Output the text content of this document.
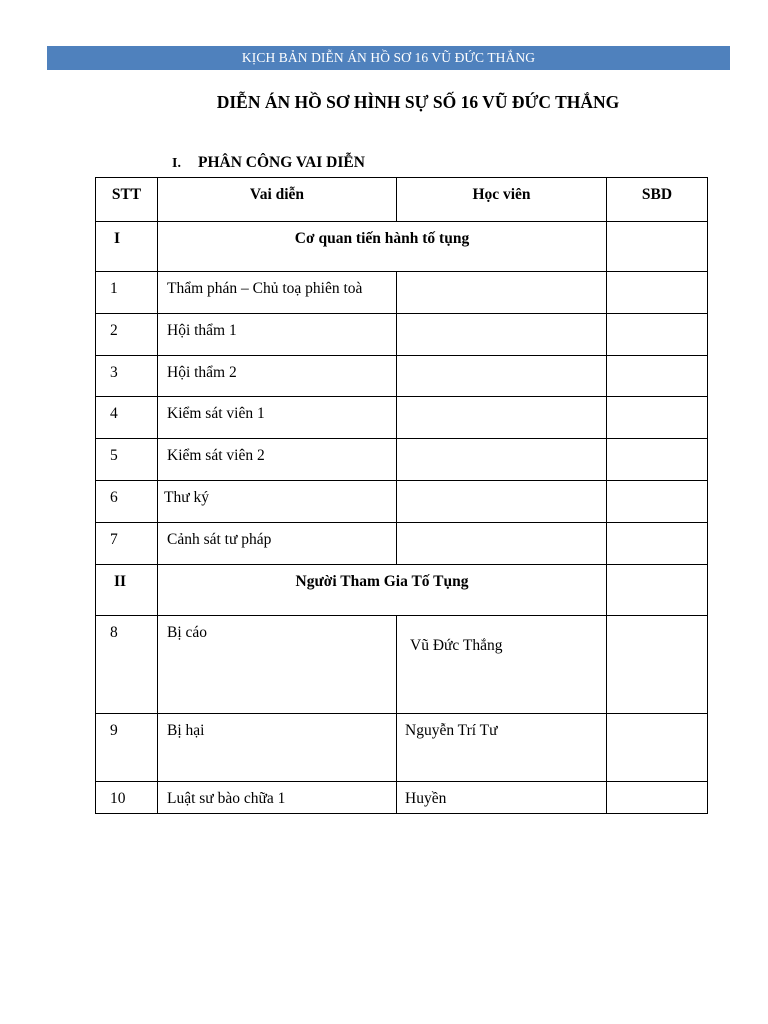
KỊCH BẢN DIỄN ÁN HỒ SƠ 16 VŨ ĐỨC THẮNG
DIỄN ÁN HỒ SƠ HÌNH SỰ SỐ 16 VŨ ĐỨC THẮNG
I. PHÂN CÔNG VAI DIỄN
STT	Vai diễn	Học viên	SBD
I	Cơ quan tiến hành tố tụng		
1	Thẩm phán – Chủ toạ phiên toà		
2	Hội thẩm 1		
3	Hội thẩm 2		
4	Kiểm sát viên 1		
5	Kiểm sát viên 2		
6	Thư ký		
7	Cảnh sát tư pháp		
II	Người Tham Gia Tố Tụng		
8	Bị cáo	Vũ Đức Thắng	
9	Bị hại	Nguyễn Trí Tư	
10	Luật sư bào chữa 1	Huyền	
